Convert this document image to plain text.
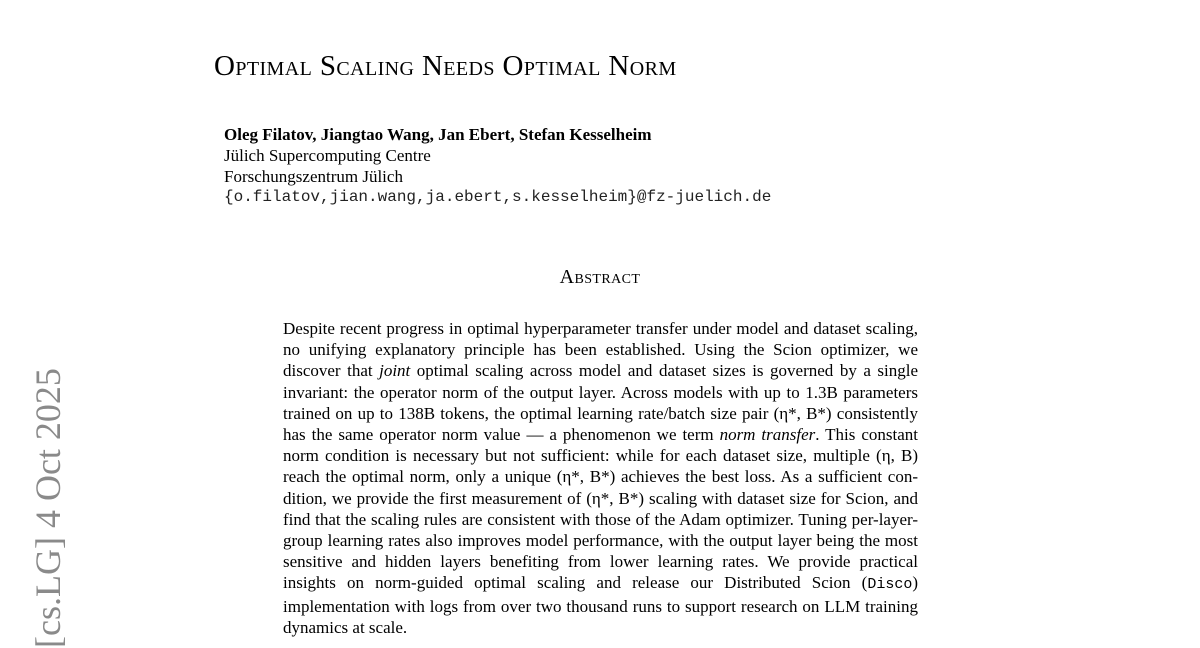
Optimal Scaling Needs Optimal Norm
Oleg Filatov, Jiangtao Wang, Jan Ebert, Stefan Kesselheim
Jülich Supercomputing Centre
Forschungszentrum Jülich
{o.filatov,jian.wang,ja.ebert,s.kesselheim}@fz-juelich.de
Abstract
Despite recent progress in optimal hyperparameter transfer under model and dataset scaling, no unifying explanatory principle has been established. Using the Scion optimizer, we discover that joint optimal scaling across model and dataset sizes is governed by a single invariant: the operator norm of the output layer. Across models with up to 1.3B parameters trained on up to 138B tokens, the optimal learning rate/batch size pair (η*, B*) consistently has the same operator norm value — a phenomenon we term norm transfer. This constant norm condition is necessary but not sufficient: while for each dataset size, multiple (η, B) reach the optimal norm, only a unique (η*, B*) achieves the best loss. As a sufficient condition, we provide the first measurement of (η*, B*) scaling with dataset size for Scion, and find that the scaling rules are consistent with those of the Adam optimizer. Tuning per-layer-group learning rates also improves model performance, with the output layer being the most sensitive and hidden layers benefiting from lower learning rates. We provide practical insights on norm-guided optimal scaling and release our Distributed Scion (Disco) implementation with logs from over two thousand runs to support research on LLM training dynamics at scale.
[cs.LG] 4 Oct 2025
